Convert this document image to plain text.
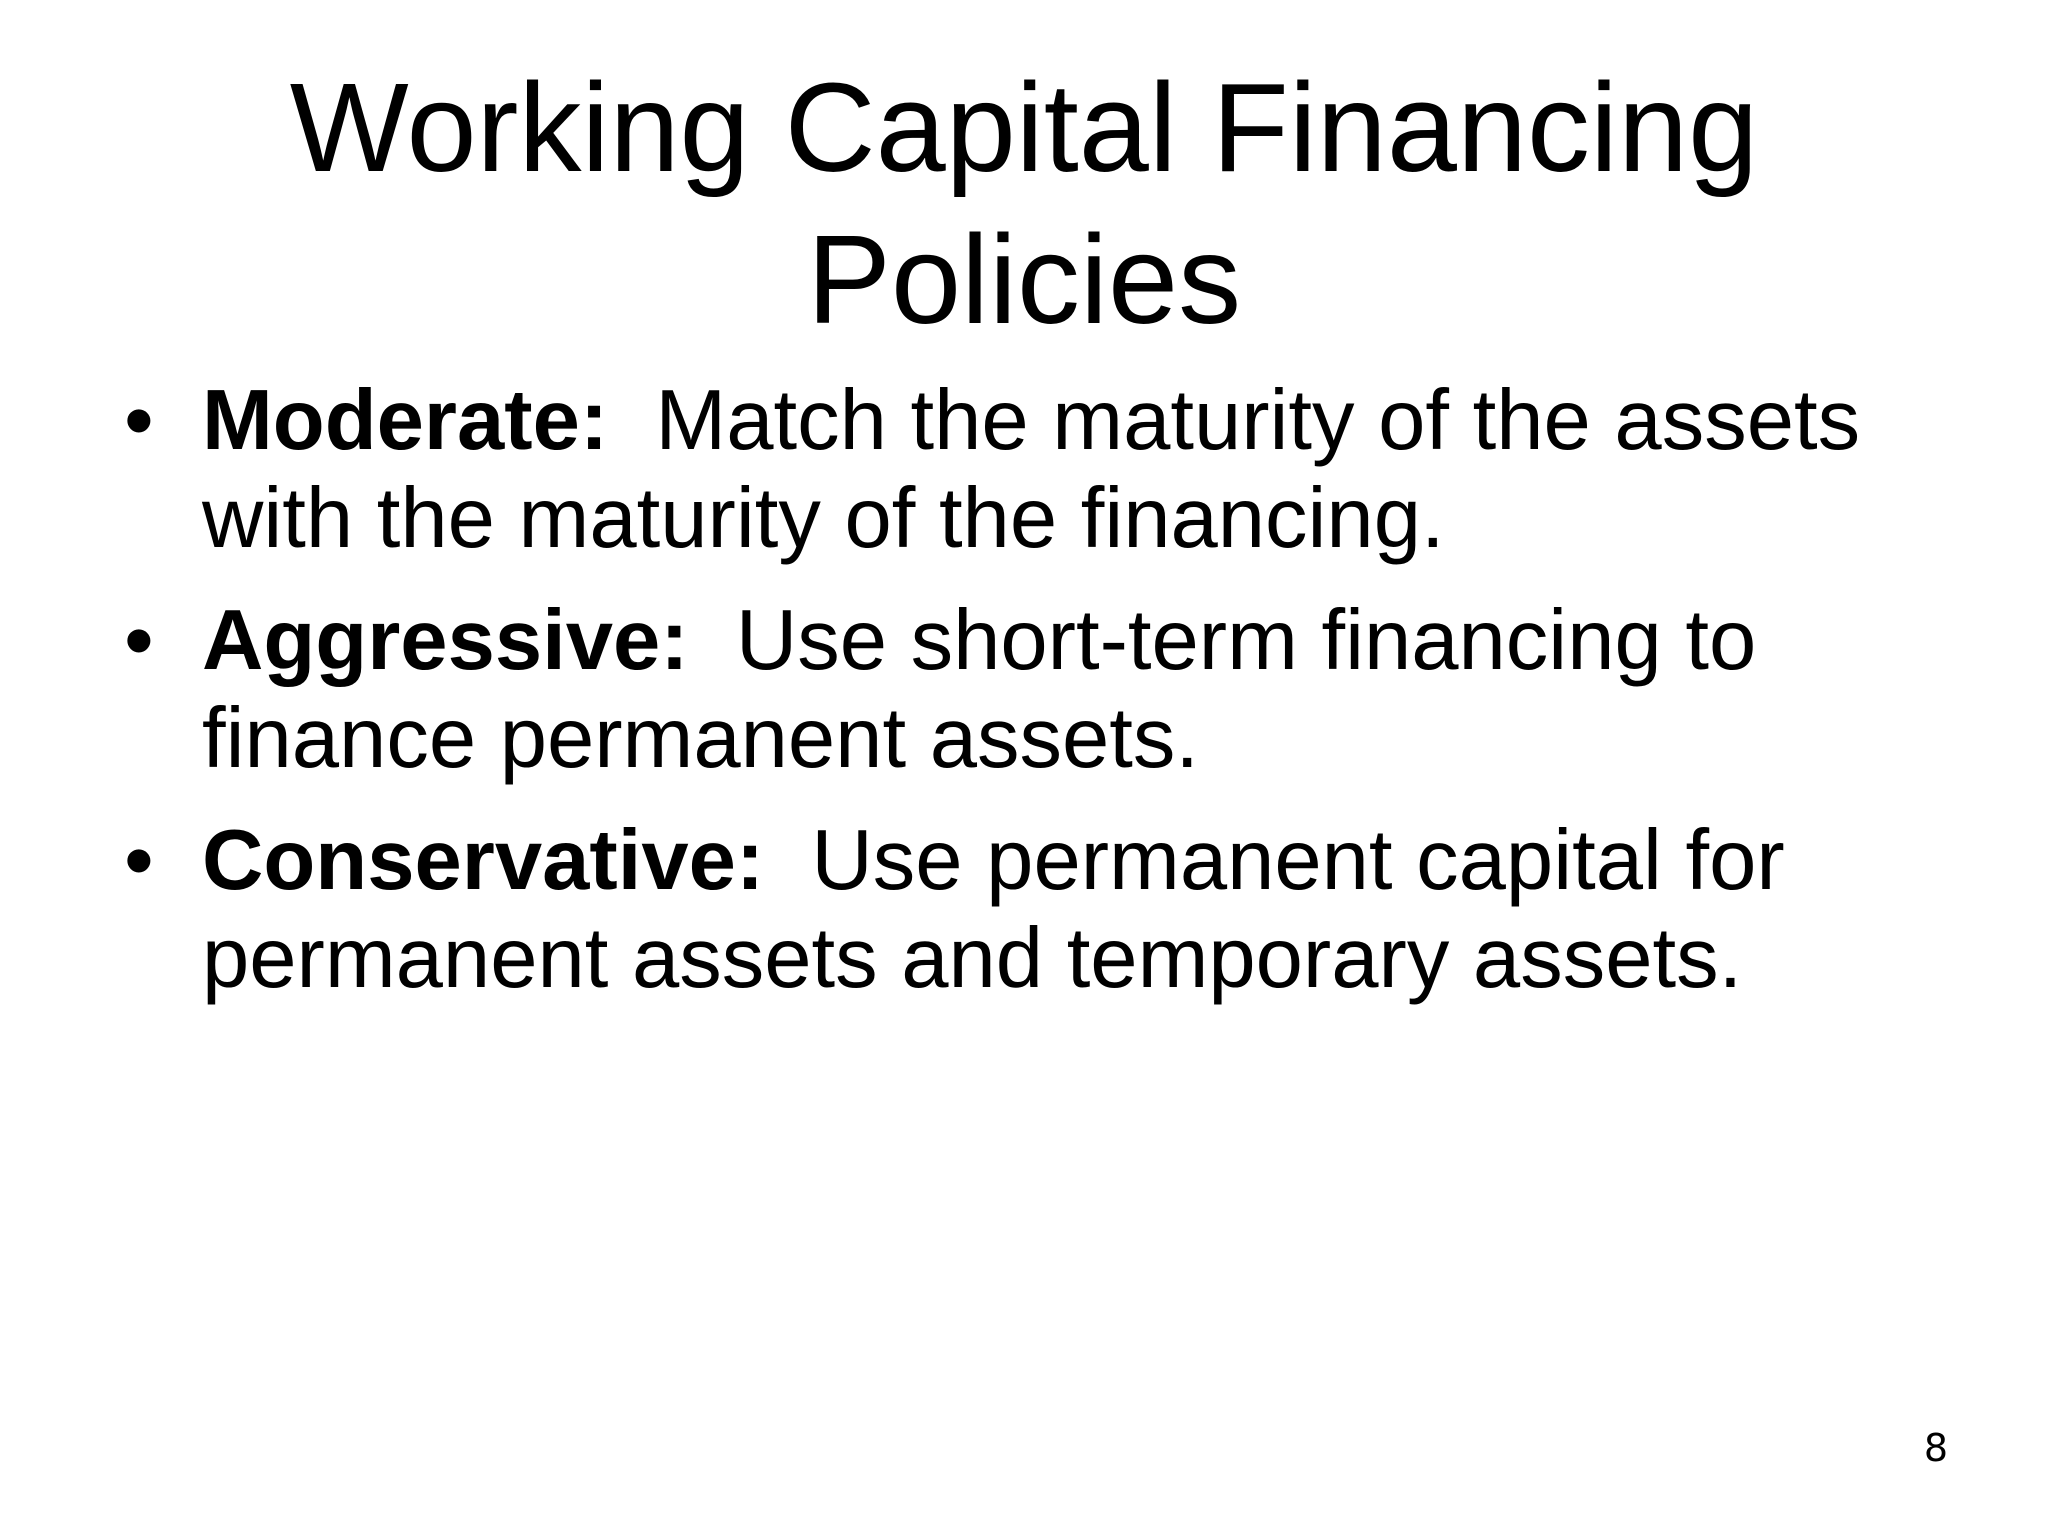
Working Capital Financing
Policies
• Moderate: Match the maturity of the assets with the maturity of the financing.
• Aggressive: Use short-term financing to finance permanent assets.
• Conservative: Use permanent capital for permanent assets and temporary assets.
8
